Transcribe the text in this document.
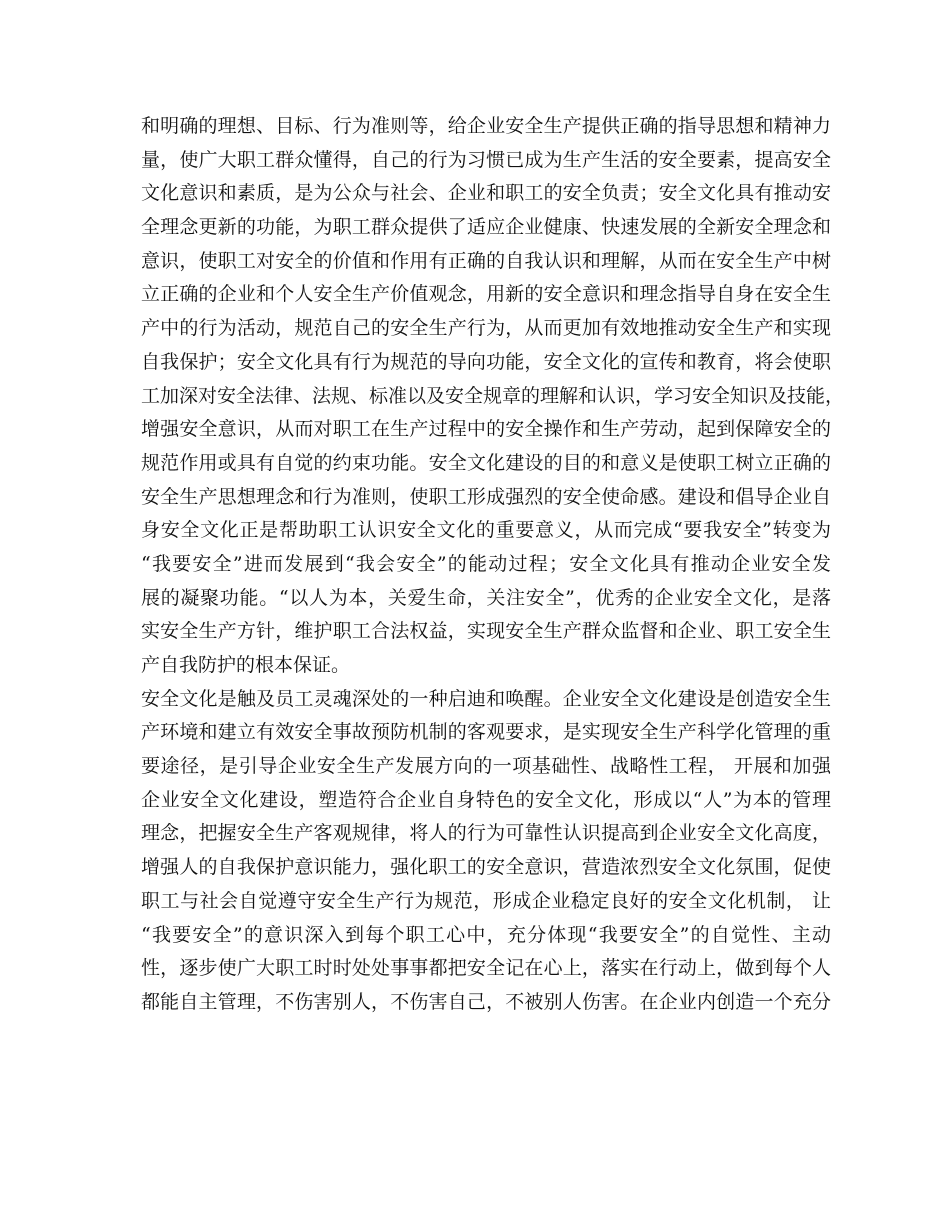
和明确的理想、目标、行为准则等，给企业安全生产提供正确的指导思想和精神力
量，使广大职工群众懂得，自己的行为习惯已成为生产生活的安全要素，提高安全
文化意识和素质，是为公众与社会、企业和职工的安全负责；安全文化具有推动安
全理念更新的功能，为职工群众提供了适应企业健康、快速发展的全新安全理念和
意识，使职工对安全的价值和作用有正确的自我认识和理解，从而在安全生产中树
立正确的企业和个人安全生产价值观念，用新的安全意识和理念指导自身在安全生
产中的行为活动，规范自己的安全生产行为，从而更加有效地推动安全生产和实现
自我保护；安全文化具有行为规范的导向功能，安全文化的宣传和教育，将会使职
工加深对安全法律、法规、标准以及安全规章的理解和认识，学习安全知识及技能，
增强安全意识，从而对职工在生产过程中的安全操作和生产劳动，起到保障安全的
规范作用或具有自觉的约束功能。安全文化建设的目的和意义是使职工树立正确的
安全生产思想理念和行为准则，使职工形成强烈的安全使命感。建设和倡导企业自
身安全文化正是帮助职工认识安全文化的重要意义，从而完成“要我安全”转变为
“我要安全”进而发展到“我会安全”的能动过程；安全文化具有推动企业安全发
展的凝聚功能。“以人为本，关爱生命，关注安全”，优秀的企业安全文化，是落
实安全生产方针，维护职工合法权益，实现安全生产群众监督和企业、职工安全生
产自我防护的根本保证。
安全文化是触及员工灵魂深处的一种启迪和唤醒。企业安全文化建设是创造安全生
产环境和建立有效安全事故预防机制的客观要求，是实现安全生产科学化管理的重
要途径，是引导企业安全生产发展方向的一项基础性、战略性工程， 开展和加强
企业安全文化建设，塑造符合企业自身特色的安全文化，形成以“人”为本的管理
理念，把握安全生产客观规律，将人的行为可靠性认识提高到企业安全文化高度，
增强人的自我保护意识能力，强化职工的安全意识，营造浓烈安全文化氛围，促使
职工与社会自觉遵守安全生产行为规范，形成企业稳定良好的安全文化机制， 让
“我要安全”的意识深入到每个职工心中，充分体现“我要安全”的自觉性、主动
性，逐步使广大职工时时处处事事都把安全记在心上，落实在行动上，做到每个人
都能自主管理，不伤害别人，不伤害自己，不被别人伤害。在企业内创造一个充分
